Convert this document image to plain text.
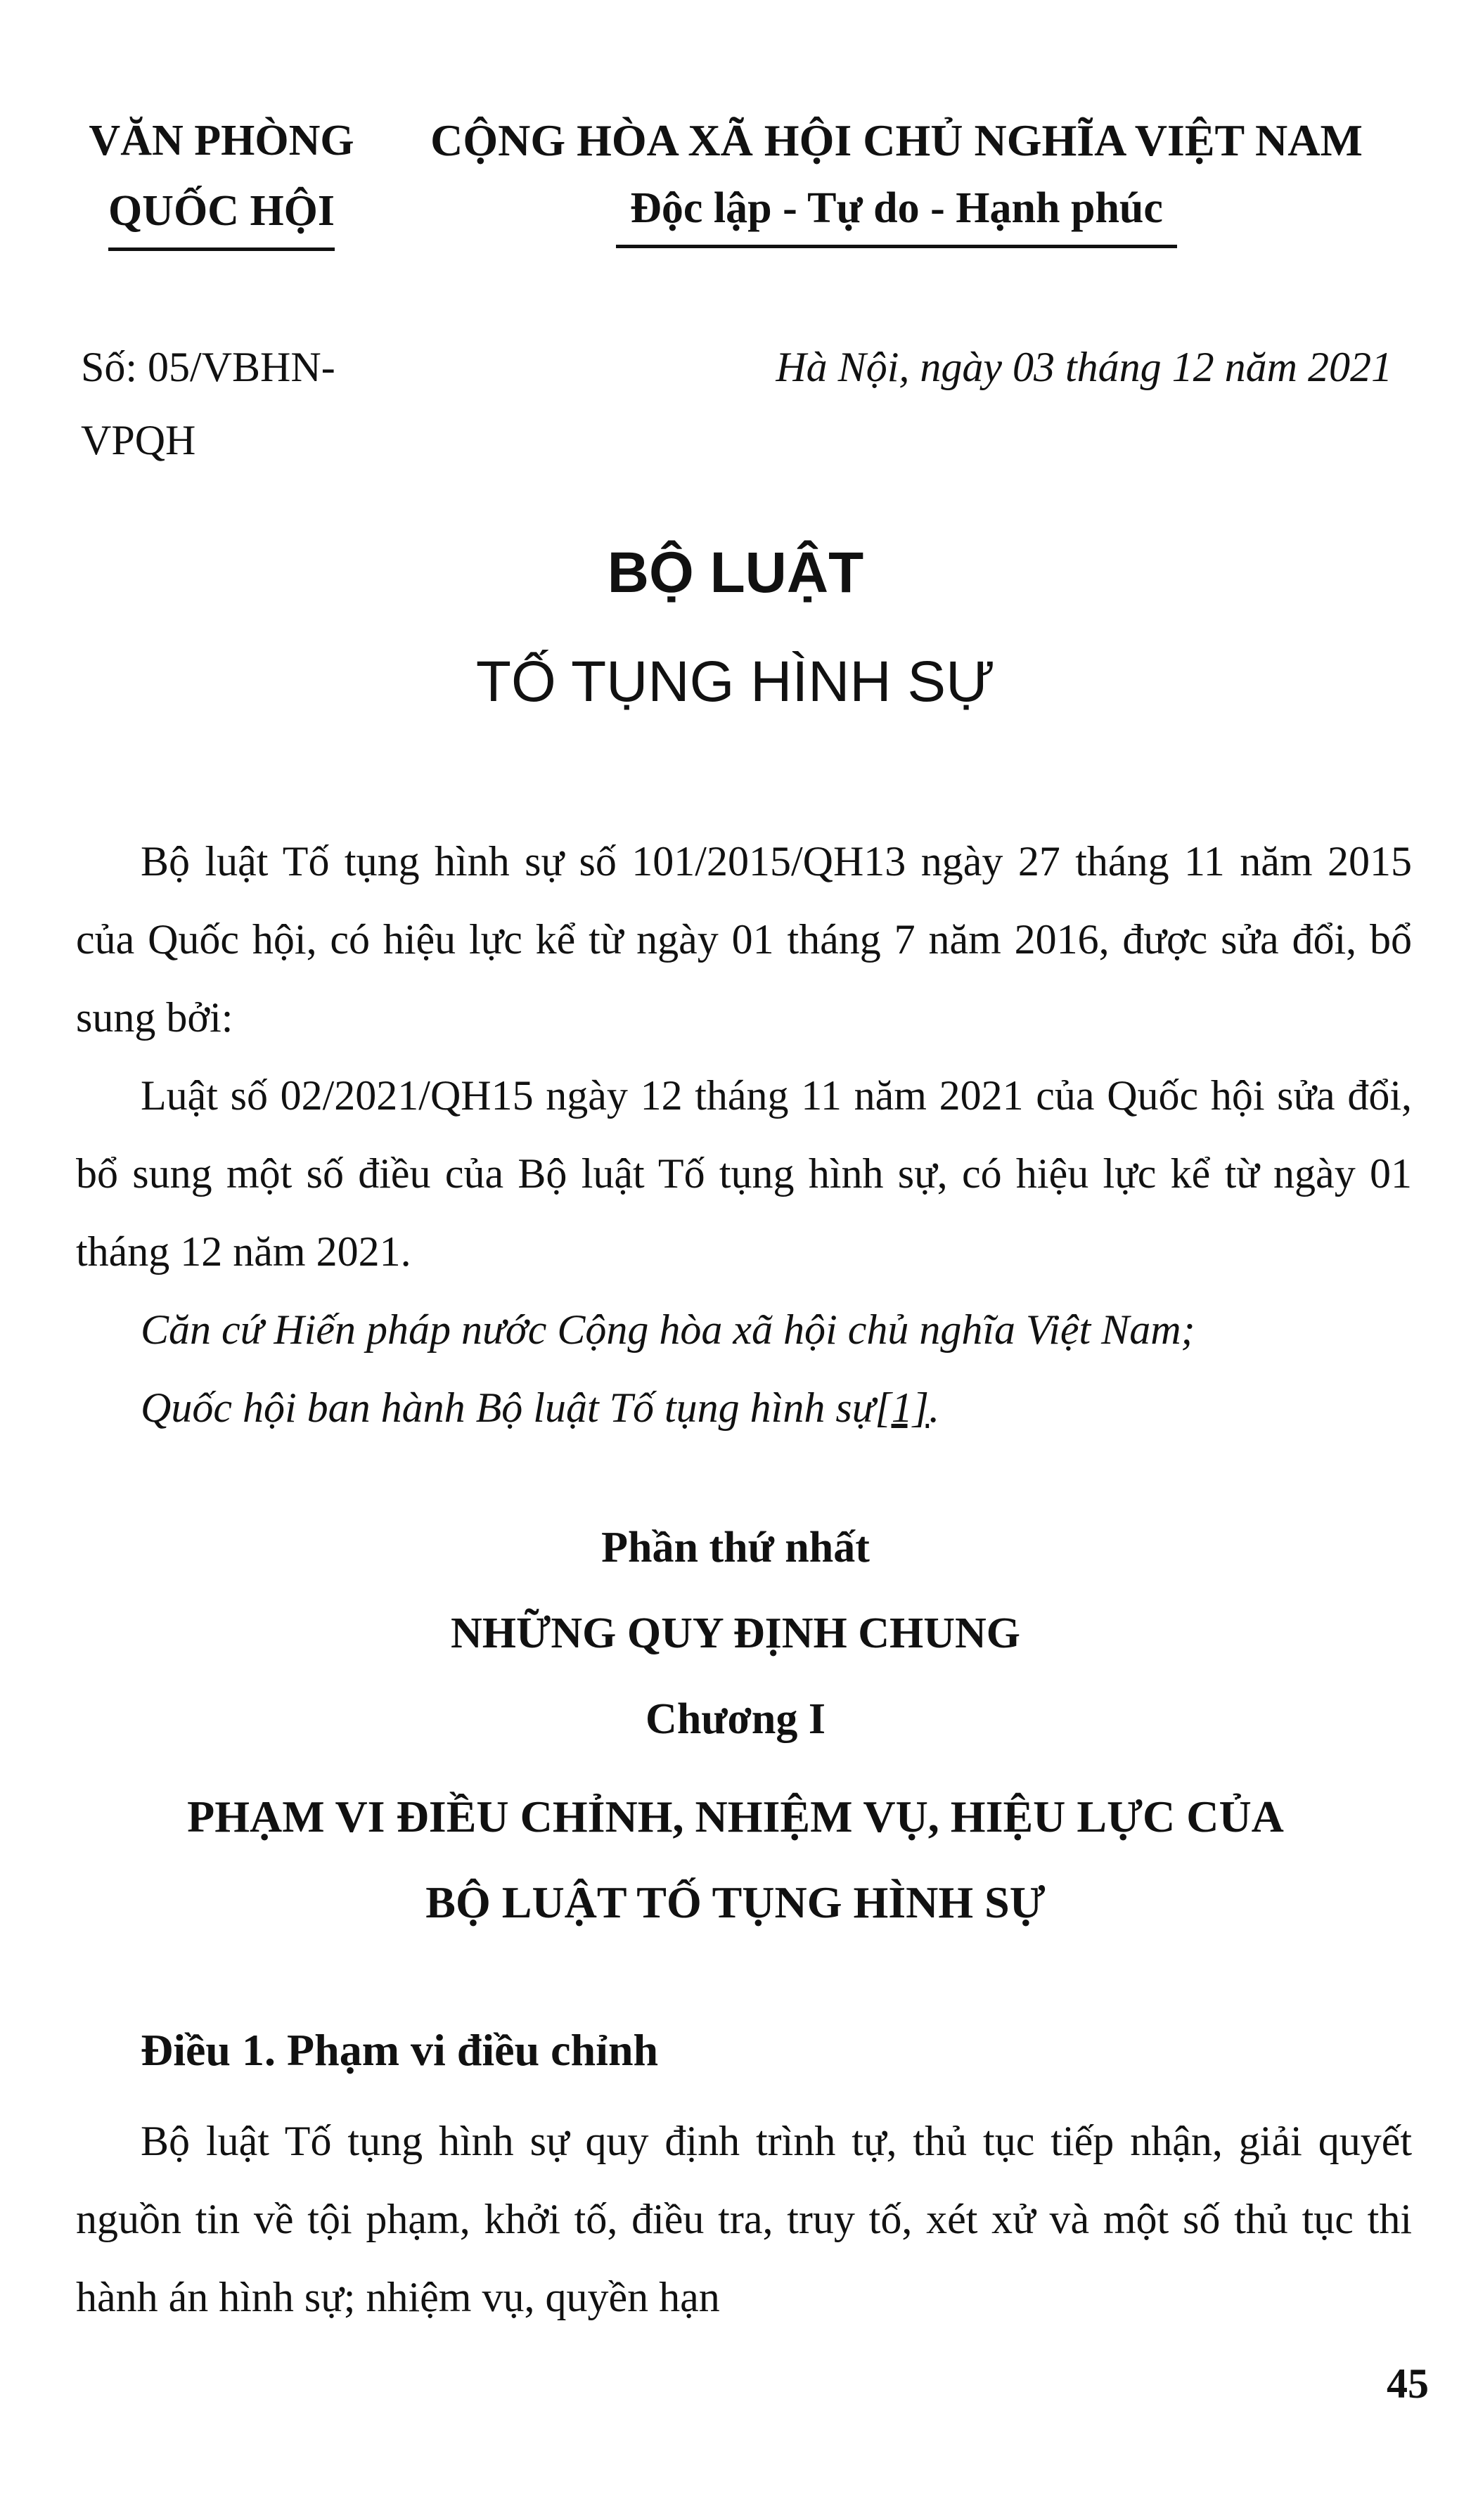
VĂN PHÒNG
QUỐC HỘI
CỘNG HÒA XÃ HỘI CHỦ NGHĨA VIỆT NAM
Độc lập - Tự do - Hạnh phúc
Số: 05/VBHN-
VPQH
Hà Nội, ngày 03 tháng 12 năm 2021
BỘ LUẬT
TỐ TỤNG HÌNH SỰ

Bộ luật Tố tụng hình sự số 101/2015/QH13 ngày 27 tháng 11 năm 2015 của Quốc hội, có hiệu lực kể từ ngày 01 tháng 7 năm 2016, được sửa đổi, bổ sung bởi:

Luật số 02/2021/QH15 ngày 12 tháng 11 năm 2021 của Quốc hội sửa đổi, bổ sung một số điều của Bộ luật Tố tụng hình sự, có hiệu lực kể từ ngày 01 tháng 12 năm 2021.

Căn cứ Hiến pháp nước Cộng hòa xã hội chủ nghĩa Việt Nam;

Quốc hội ban hành Bộ luật Tố tụng hình sự[1].

Phần thứ nhất
NHỮNG QUY ĐỊNH CHUNG
Chương I
PHẠM VI ĐIỀU CHỈNH, NHIỆM VỤ, HIỆU LỰC CỦA
BỘ LUẬT TỐ TỤNG HÌNH SỰ
Điều 1. Phạm vi điều chỉnh

Bộ luật Tố tụng hình sự quy định trình tự, thủ tục tiếp nhận, giải quyết nguồn tin về tội phạm, khởi tố, điều tra, truy tố, xét xử và một số thủ tục thi hành án hình sự; nhiệm vụ, quyền hạn

45
